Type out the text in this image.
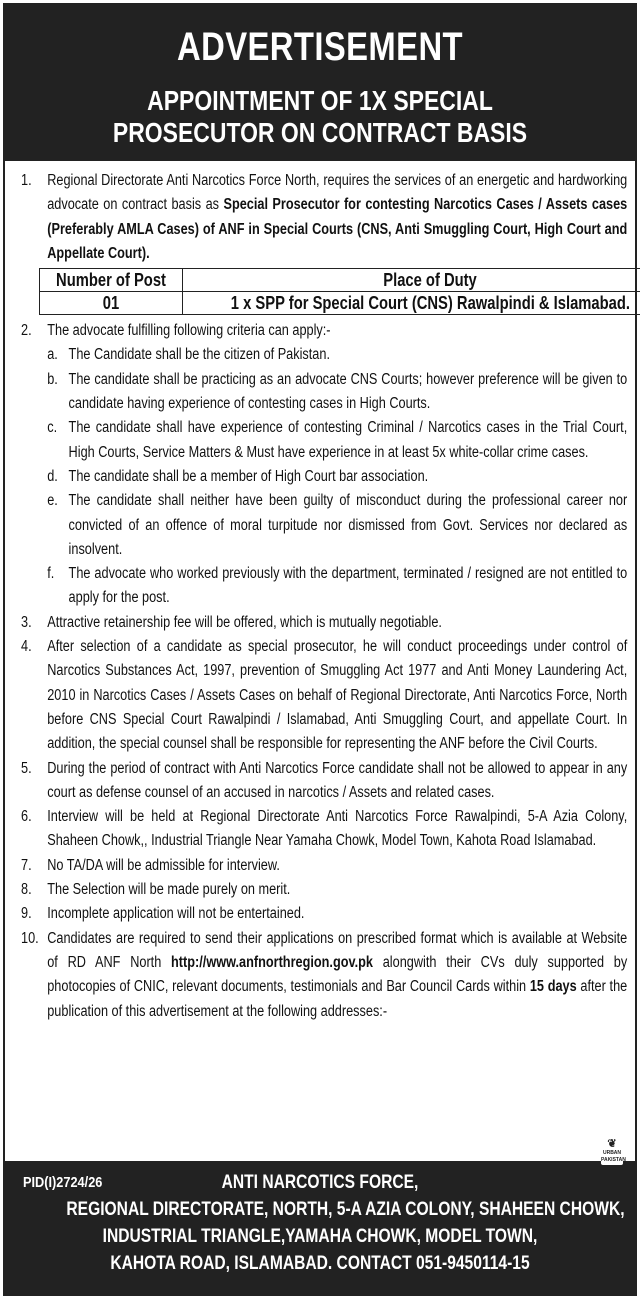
ADVERTISEMENT
APPOINTMENT OF 1X SPECIAL
PROSECUTOR ON CONTRACT BASIS
1.	Regional Directorate Anti Narcotics Force North, requires the services of an energetic and hardworking advocate on contract basis as Special Prosecutor for contesting Narcotics Cases / Assets cases (Preferably AMLA Cases) of ANF in Special Courts (CNS, Anti Smuggling Court, High Court and Appellate Court).
Number of Post	Place of Duty
01	1 x SPP for Special Court (CNS) Rawalpindi & Islamabad.
2.	The advocate fulfilling following criteria can apply:-
a. The Candidate shall be the citizen of Pakistan.
b. The candidate shall be practicing as an advocate CNS Courts; however preference will be given to candidate having experience of contesting cases in High Courts.
c. The candidate shall have experience of contesting Criminal / Narcotics cases in the Trial Court, High Courts, Service Matters & Must have experience in at least 5x white-collar crime cases.
d. The candidate shall be a member of High Court bar association.
e. The candidate shall neither have been guilty of misconduct during the professional career nor convicted of an offence of moral turpitude nor dismissed from Govt. Services nor declared as insolvent.
f. The advocate who worked previously with the department, terminated / resigned are not entitled to apply for the post.
3.	Attractive retainership fee will be offered, which is mutually negotiable.
4.	After selection of a candidate as special prosecutor, he will conduct proceedings under control of Narcotics Substances Act, 1997, prevention of Smuggling Act 1977 and Anti Money Laundering Act, 2010 in Narcotics Cases / Assets Cases on behalf of Regional Directorate, Anti Narcotics Force, North before CNS Special Court Rawalpindi / Islamabad, Anti Smuggling Court, and appellate Court. In addition, the special counsel shall be responsible for representing the ANF before the Civil Courts.
5.	During the period of contract with Anti Narcotics Force candidate shall not be allowed to appear in any court as defense counsel of an accused in narcotics / Assets and related cases.
6.	Interview will be held at Regional Directorate Anti Narcotics Force Rawalpindi, 5-A Azia Colony, Shaheen Chowk,, Industrial Triangle Near Yamaha Chowk, Model Town, Kahota Road Islamabad.
7.	No TA/DA will be admissible for interview.
8.	The Selection will be made purely on merit.
9.	Incomplete application will not be entertained.
10. Candidates are required to send their applications on prescribed format which is available at Website of RD ANF North http://www.anfnorthregion.gov.pk alongwith their CVs duly supported by photocopies of CNIC, relevant documents, testimonials and Bar Council Cards within 15 days after the publication of this advertisement at the following addresses:-
PID(I)2724/26
❦
URBAN PAKISTAN
ANTI NARCOTICS FORCE,
REGIONAL DIRECTORATE, NORTH, 5-A AZIA COLONY, SHAHEEN CHOWK,
INDUSTRIAL TRIANGLE,YAMAHA CHOWK, MODEL TOWN,
KAHOTA ROAD, ISLAMABAD. CONTACT 051-9450114-15
